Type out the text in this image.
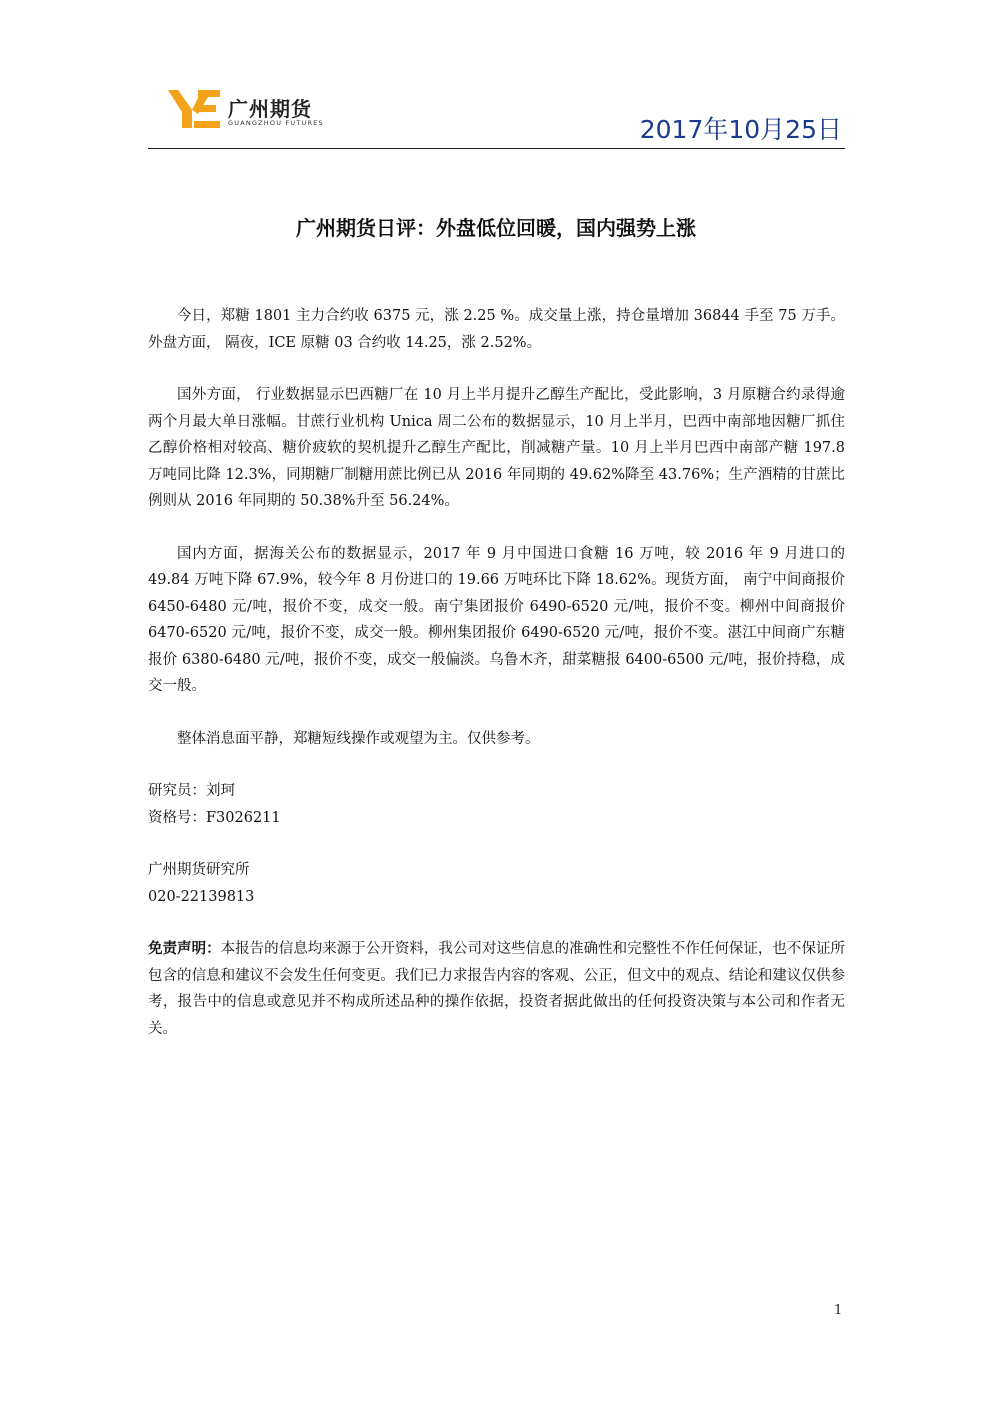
广州期货
GUANGZHOU FUTURES	2017年10月25日
广州期货日评：外盘低位回暖，国内强势上涨

今日，郑糖 1801 主力合约收 6375 元，涨 2.25 %。成交量上涨，持仓量增加 36844 手至 75 万手。外盘方面， 隔夜，ICE 原糖 03 合约收 14.25，涨 2.52%。

国外方面， 行业数据显示巴西糖厂在 10 月上半月提升乙醇生产配比，受此影响，3 月原糖合约录得逾两个月最大单日涨幅。甘蔗行业机构 Unica 周二公布的数据显示，10 月上半月，巴西中南部地因糖厂抓住乙醇价格相对较高、糖价疲软的契机提升乙醇生产配比，削减糖产量。10 月上半月巴西中南部产糖 197.8 万吨同比降 12.3%，同期糖厂制糖用蔗比例已从 2016 年同期的 49.62%降至 43.76%；生产酒精的甘蔗比例则从 2016 年同期的 50.38%升至 56.24%。

国内方面，据海关公布的数据显示，2017 年 9 月中国进口食糖 16 万吨，较 2016 年 9 月进口的 49.84 万吨下降 67.9%，较今年 8 月份进口的 19.66 万吨环比下降 18.62%。现货方面， 南宁中间商报价 6450-6480 元/吨，报价不变，成交一般。南宁集团报价 6490-6520 元/吨，报价不变。柳州中间商报价 6470-6520 元/吨，报价不变，成交一般。柳州集团报价 6490-6520 元/吨，报价不变。湛江中间商广东糖报价 6380-6480 元/吨，报价不变，成交一般偏淡。乌鲁木齐，甜菜糖报 6400-6500 元/吨，报价持稳，成交一般。

整体消息面平静，郑糖短线操作或观望为主。仅供参考。

研究员：刘珂
资格号：F3026211
广州期货研究所
020-22139813

免责声明：本报告的信息均来源于公开资料，我公司对这些信息的准确性和完整性不作任何保证，也不保证所包含的信息和建议不会发生任何变更。我们已力求报告内容的客观、公正，但文中的观点、结论和建议仅供参考，报告中的信息或意见并不构成所述品种的操作依据，投资者据此做出的任何投资决策与本公司和作者无关。

1
